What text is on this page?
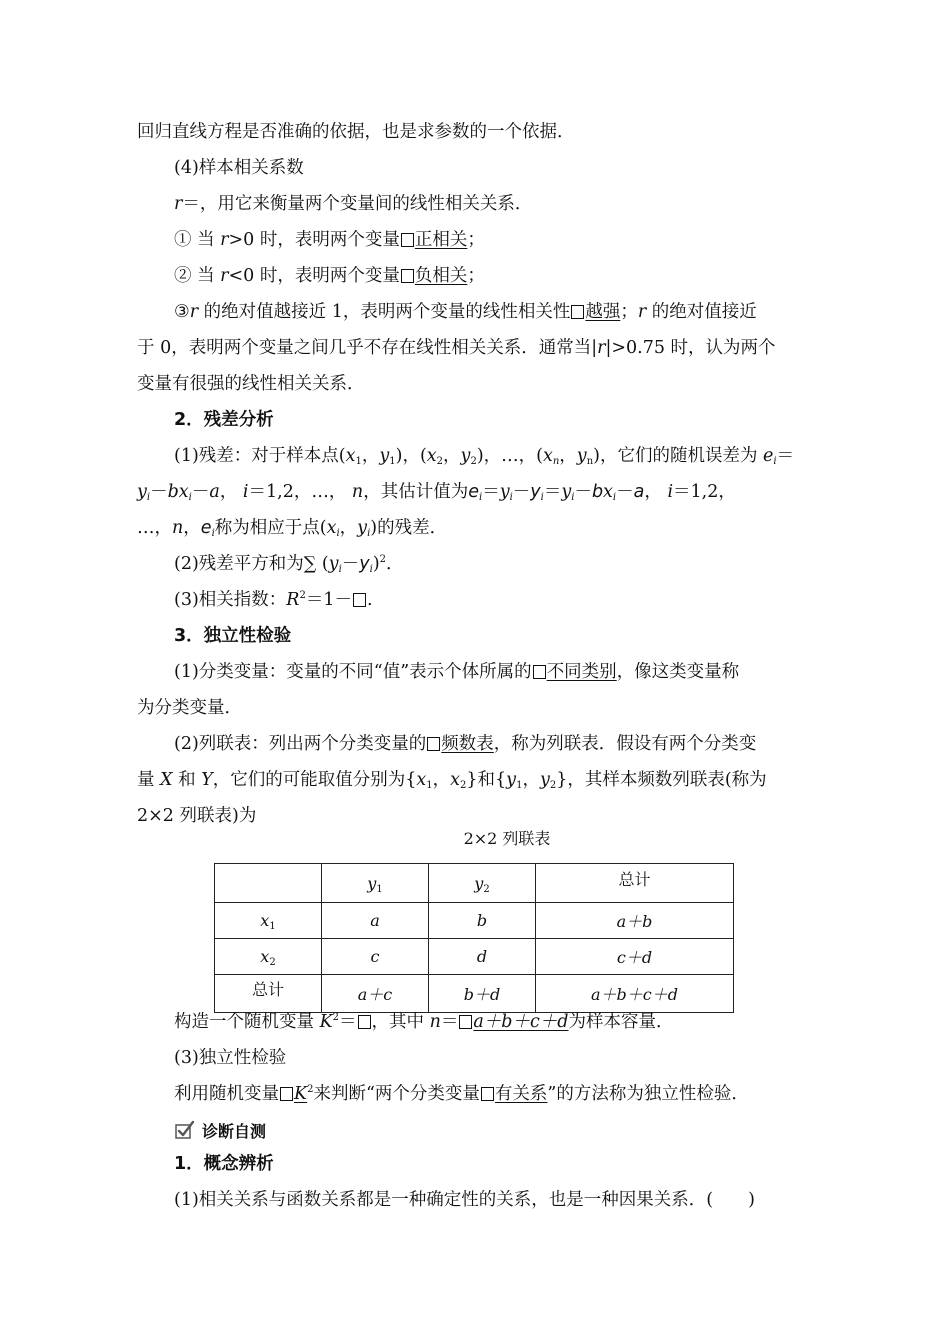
回归直线方程是否准确的依据，也是求参数的一个依据．
(4)样本相关系数
r＝，用它来衡量两个变量间的线性相关关系．
① 当 r>0 时，表明两个变量 正相关；
② 当 r<0 时，表明两个变量 负相关；
③r 的绝对值越接近 1，表明两个变量的线性相关性 越强；r 的绝对值接近
于 0，表明两个变量之间几乎不存在线性相关关系．通常当|r|>0.75 时，认为两个
变量有很强的线性相关关系．
2．残差分析
(1)残差：对于样本点($x_1$，$y_1$)，($x_2$，$y_2$)，…，($x_n$，$y_n$)，它们的随机误差为 $e_i=$
$y_i-bx_i-a$， i＝1,2，…， n，其估计值为$e_i=y_i-y_i=y_i-bx_i-a$， i＝1,2，
…，n，$e_i$称为相应于点($x_i$，$y_i$)的残差．
(2)残差平方和为∑ $(y_i-y_i)^2$．
(3)相关指数：$R^2=1-$ .
3．独立性检验
(1)分类变量：变量的不同“值”表示个体所属的 不同类别，像这类变量称
为分类变量．
(2)列联表：列出两个分类变量的 频数表，称为列联表．假设有两个分类变
量 X 和 Y，它们的可能取值分别为{$x_1$，$x_2$}和{$y_1$，$y_2$}，其样本频数列联表(称为
2×2 列联表)为
2×2 列联表
	$y_1$	$y_2$	总计
$x_1$	a	b	a＋b
$x_2$	c	d	c＋d
总计	a＋c	b＋d	a＋b＋c＋d
构造一个随机变量 $K^2=$ ，其中 n＝ a＋b＋c＋d为样本容量．
(3)独立性检验
利用随机变量 $K^2$来判断“两个分类变量 有关系”的方法称为独立性检验．
诊断自测
1．概念辨析
(1)相关关系与函数关系都是一种确定性的关系，也是一种因果关系．(　　)
